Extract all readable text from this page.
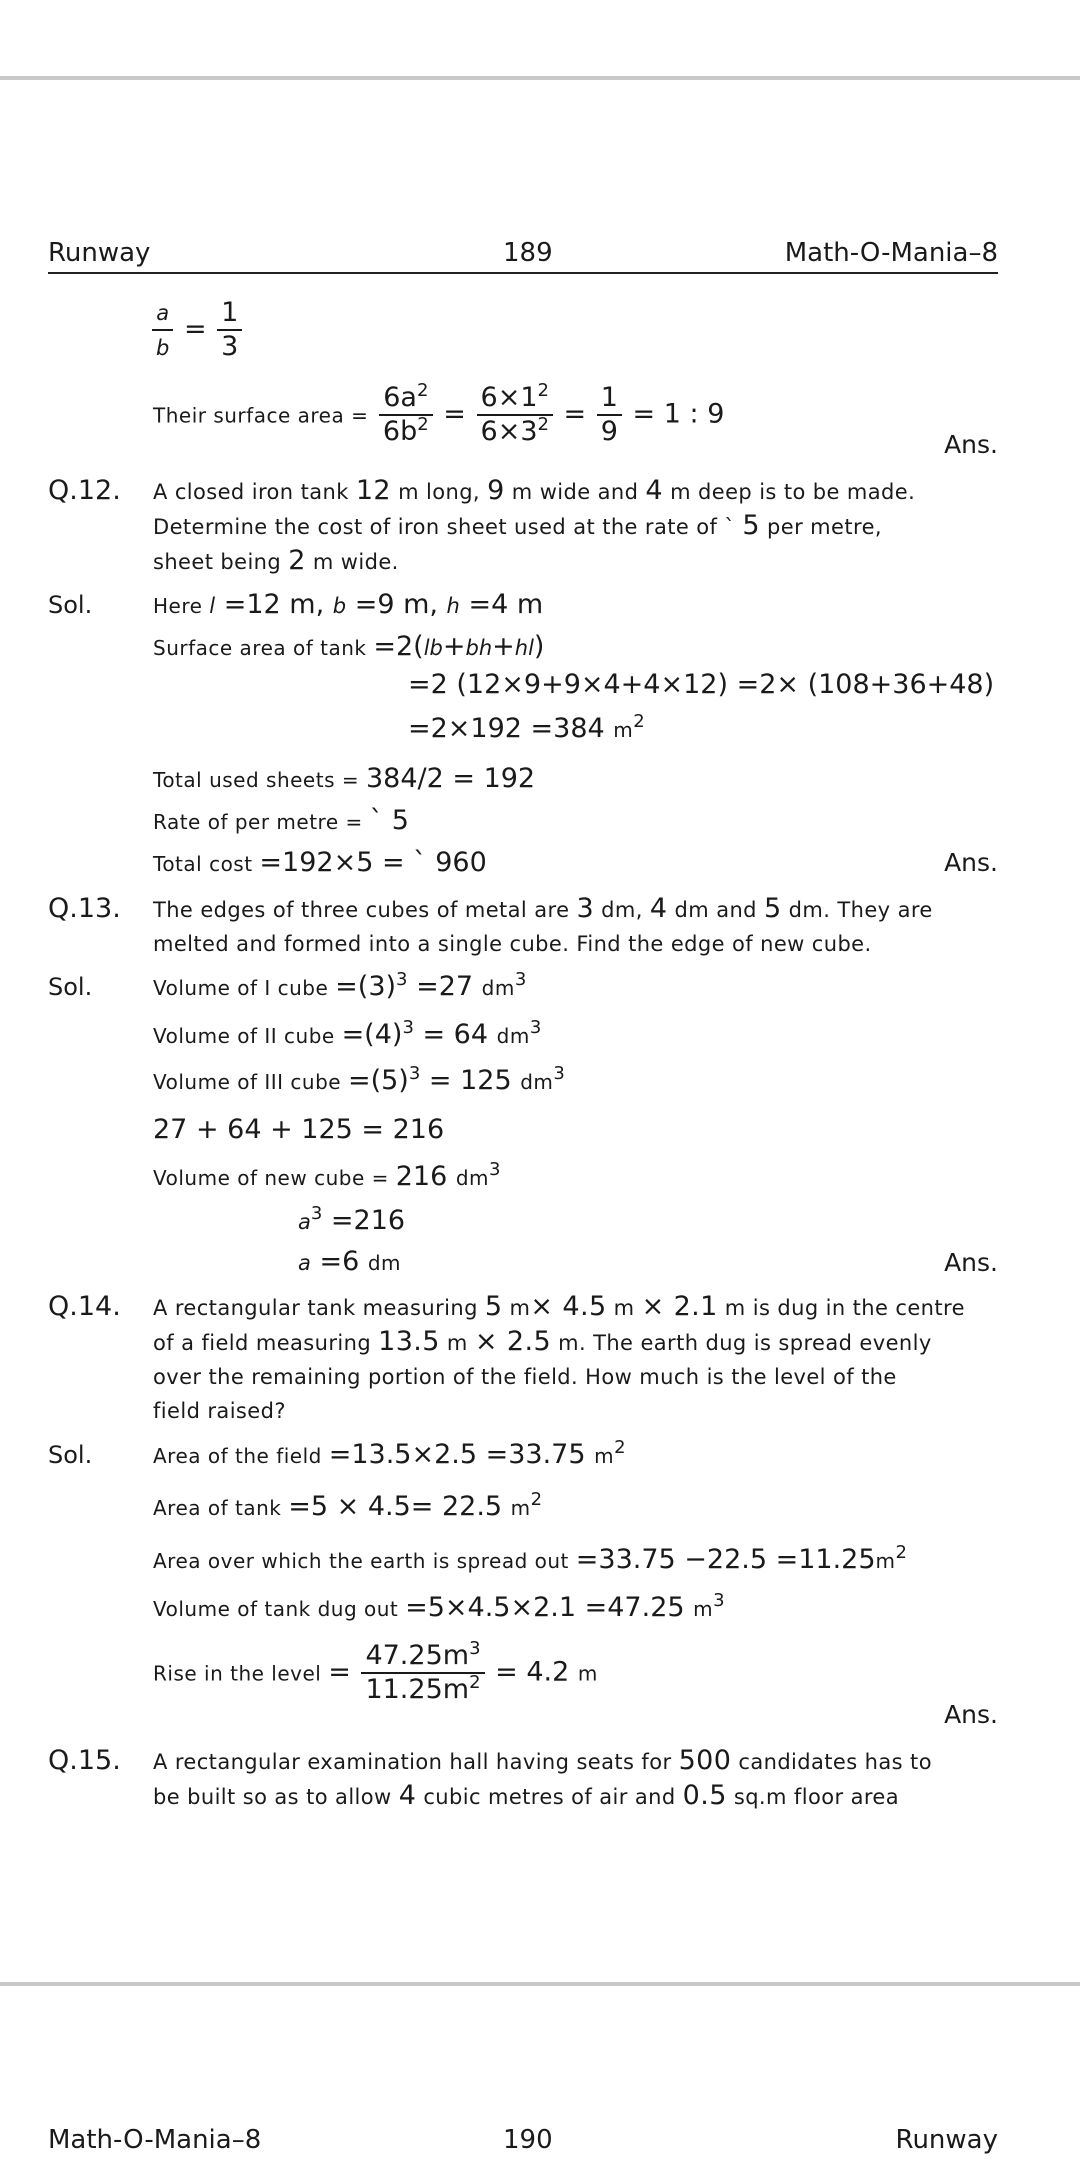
Runway	189	Math-O-Mania–8
$\frac{a}{b} = \frac{1}{3}$
Their surface area = $\frac{6a^2}{6b^2} = \frac{6\times 1^2}{6\times 3^2} = \frac{1}{9} = 1$ : 9
Ans.
Q.12. A closed iron tank 12 m long, 9 m wide and 4 m deep is to be made.
Determine the cost of iron sheet used at the rate of ` 5 per metre,
sheet being 2 m wide.
Sol.	Here l =12 m, b =9 m, h =4 m
Surface area of tank =2(lb+bh+hl)
=2 (12×9+9×4+4×12) =2× (108+36+48)
=2×192 =384 $m^2$
Total used sheets = 384/2 = 192
Rate of per metre = ` 5
Total cost =192×5 = ` 960	Ans.
Q.13. The edges of three cubes of metal are 3 dm, 4 dm and 5 dm. They are
melted and formed into a single cube. Find the edge of new cube.
Sol.	Volume of I cube $=(3)^3 =27$ $dm^3$
Volume of II cube $=(4)^3 = 64$ $dm^3$
Volume of III cube $=(5)^3 = 125$ $dm^3$
27 + 64 + 125 = 216
Volume of new cube = 216 $dm^3$
$a^3 =216$
a =6 dm	Ans.
Q.14. A rectangular tank measuring 5 m× 4.5 m × 2.1 m is dug in the centre
of a field measuring 13.5 m × 2.5 m. The earth dug is spread evenly
over the remaining portion of the field. How much is the level of the
field raised?
Sol.	Area of the field =13.5×2.5 =33.75 $m^2$
Area of tank =5 × 4.5= 22.5 $m^2$
Area over which the earth is spread out $=33.75 -22.5 =11.25m^2$
Volume of tank dug out =5×4.5×2.1 =47.25 $m^3$
Rise in the level = $\frac{47.25m^3}{11.25m^2} = 4.2$ m
Ans.
Q.15. A rectangular examination hall having seats for 500 candidates has to
be built so as to allow 4 cubic metres of air and 0.5 sq.m floor area
Math-O-Mania–8	190	Runway
